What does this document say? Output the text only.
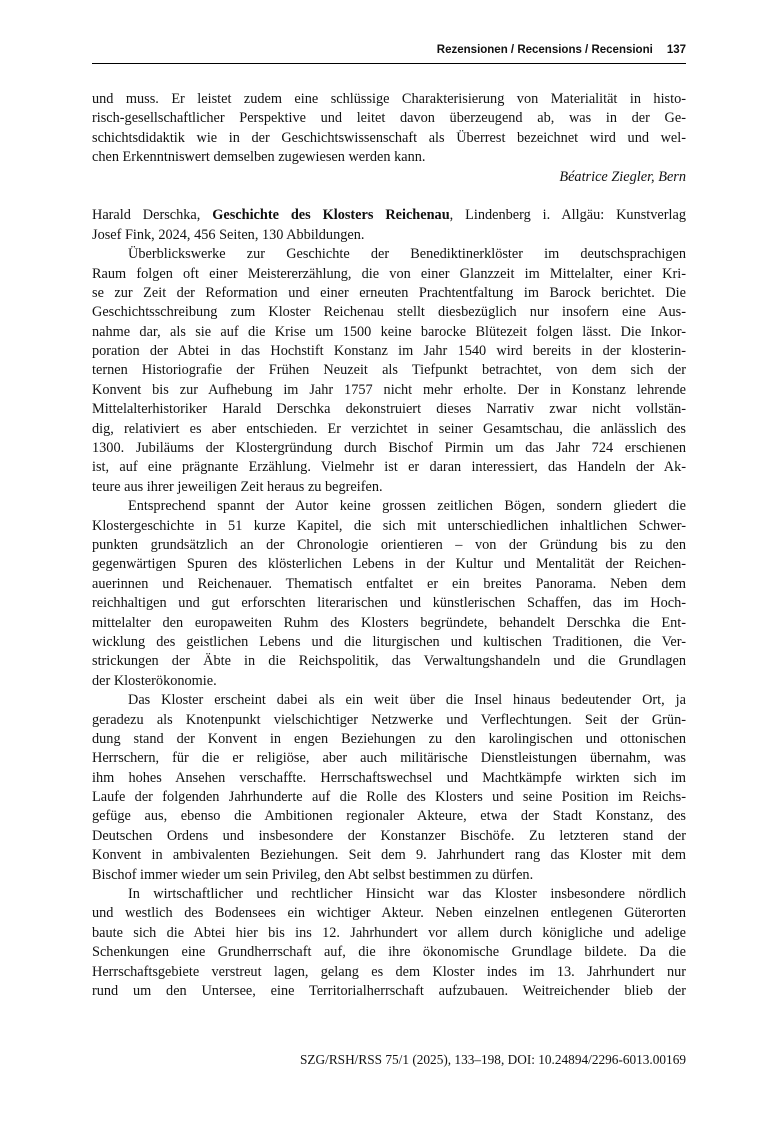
Rezensionen / Recensions / Recensioni 137
und muss. Er leistet zudem eine schlüssige Charakterisierung von Materialität in histo-
risch-gesellschaftlicher Perspektive und leitet davon überzeugend ab, was in der Ge-
schichtsdidaktik wie in der Geschichtswissenschaft als Überrest bezeichnet wird und wel-
chen Erkenntniswert demselben zugewiesen werden kann.
Béatrice Ziegler, Bern
Harald Derschka, Geschichte des Klosters Reichenau, Lindenberg i. Allgäu: Kunstverlag
Josef Fink, 2024, 456 Seiten, 130 Abbildungen.
Überblickswerke zur Geschichte der Benediktinerklöster im deutschsprachigen
Raum folgen oft einer Meistererzählung, die von einer Glanzzeit im Mittelalter, einer Kri-
se zur Zeit der Reformation und einer erneuten Prachtentfaltung im Barock berichtet. Die
Geschichtsschreibung zum Kloster Reichenau stellt diesbezüglich nur insofern eine Aus-
nahme dar, als sie auf die Krise um 1500 keine barocke Blütezeit folgen lässt. Die Inkor-
poration der Abtei in das Hochstift Konstanz im Jahr 1540 wird bereits in der klosterin-
ternen Historiografie der Frühen Neuzeit als Tiefpunkt betrachtet, von dem sich der
Konvent bis zur Aufhebung im Jahr 1757 nicht mehr erholte. Der in Konstanz lehrende
Mittelalterhistoriker Harald Derschka dekonstruiert dieses Narrativ zwar nicht vollstän-
dig, relativiert es aber entschieden. Er verzichtet in seiner Gesamtschau, die anlässlich des
1300. Jubiläums der Klostergründung durch Bischof Pirmin um das Jahr 724 erschienen
ist, auf eine prägnante Erzählung. Vielmehr ist er daran interessiert, das Handeln der Ak-
teure aus ihrer jeweiligen Zeit heraus zu begreifen.
Entsprechend spannt der Autor keine grossen zeitlichen Bögen, sondern gliedert die
Klostergeschichte in 51 kurze Kapitel, die sich mit unterschiedlichen inhaltlichen Schwer-
punkten grundsätzlich an der Chronologie orientieren – von der Gründung bis zu den
gegenwärtigen Spuren des klösterlichen Lebens in der Kultur und Mentalität der Reichen-
auerinnen und Reichenauer. Thematisch entfaltet er ein breites Panorama. Neben dem
reichhaltigen und gut erforschten literarischen und künstlerischen Schaffen, das im Hoch-
mittelalter den europaweiten Ruhm des Klosters begründete, behandelt Derschka die Ent-
wicklung des geistlichen Lebens und die liturgischen und kultischen Traditionen, die Ver-
strickungen der Äbte in die Reichspolitik, das Verwaltungshandeln und die Grundlagen
der Klosterökonomie.
Das Kloster erscheint dabei als ein weit über die Insel hinaus bedeutender Ort, ja
geradezu als Knotenpunkt vielschichtiger Netzwerke und Verflechtungen. Seit der Grün-
dung stand der Konvent in engen Beziehungen zu den karolingischen und ottonischen
Herrschern, für die er religiöse, aber auch militärische Dienstleistungen übernahm, was
ihm hohes Ansehen verschaffte. Herrschaftswechsel und Machtkämpfe wirkten sich im
Laufe der folgenden Jahrhunderte auf die Rolle des Klosters und seine Position im Reichs-
gefüge aus, ebenso die Ambitionen regionaler Akteure, etwa der Stadt Konstanz, des
Deutschen Ordens und insbesondere der Konstanzer Bischöfe. Zu letzteren stand der
Konvent in ambivalenten Beziehungen. Seit dem 9. Jahrhundert rang das Kloster mit dem
Bischof immer wieder um sein Privileg, den Abt selbst bestimmen zu dürfen.
In wirtschaftlicher und rechtlicher Hinsicht war das Kloster insbesondere nördlich
und westlich des Bodensees ein wichtiger Akteur. Neben einzelnen entlegenen Güterorten
baute sich die Abtei hier bis ins 12. Jahrhundert vor allem durch königliche und adelige
Schenkungen eine Grundherrschaft auf, die ihre ökonomische Grundlage bildete. Da die
Herrschaftsgebiete verstreut lagen, gelang es dem Kloster indes im 13. Jahrhundert nur
rund um den Untersee, eine Territorialherrschaft aufzubauen. Weitreichender blieb der
SZG/RSH/RSS 75/1 (2025), 133–198, DOI: 10.24894/2296-6013.00169
